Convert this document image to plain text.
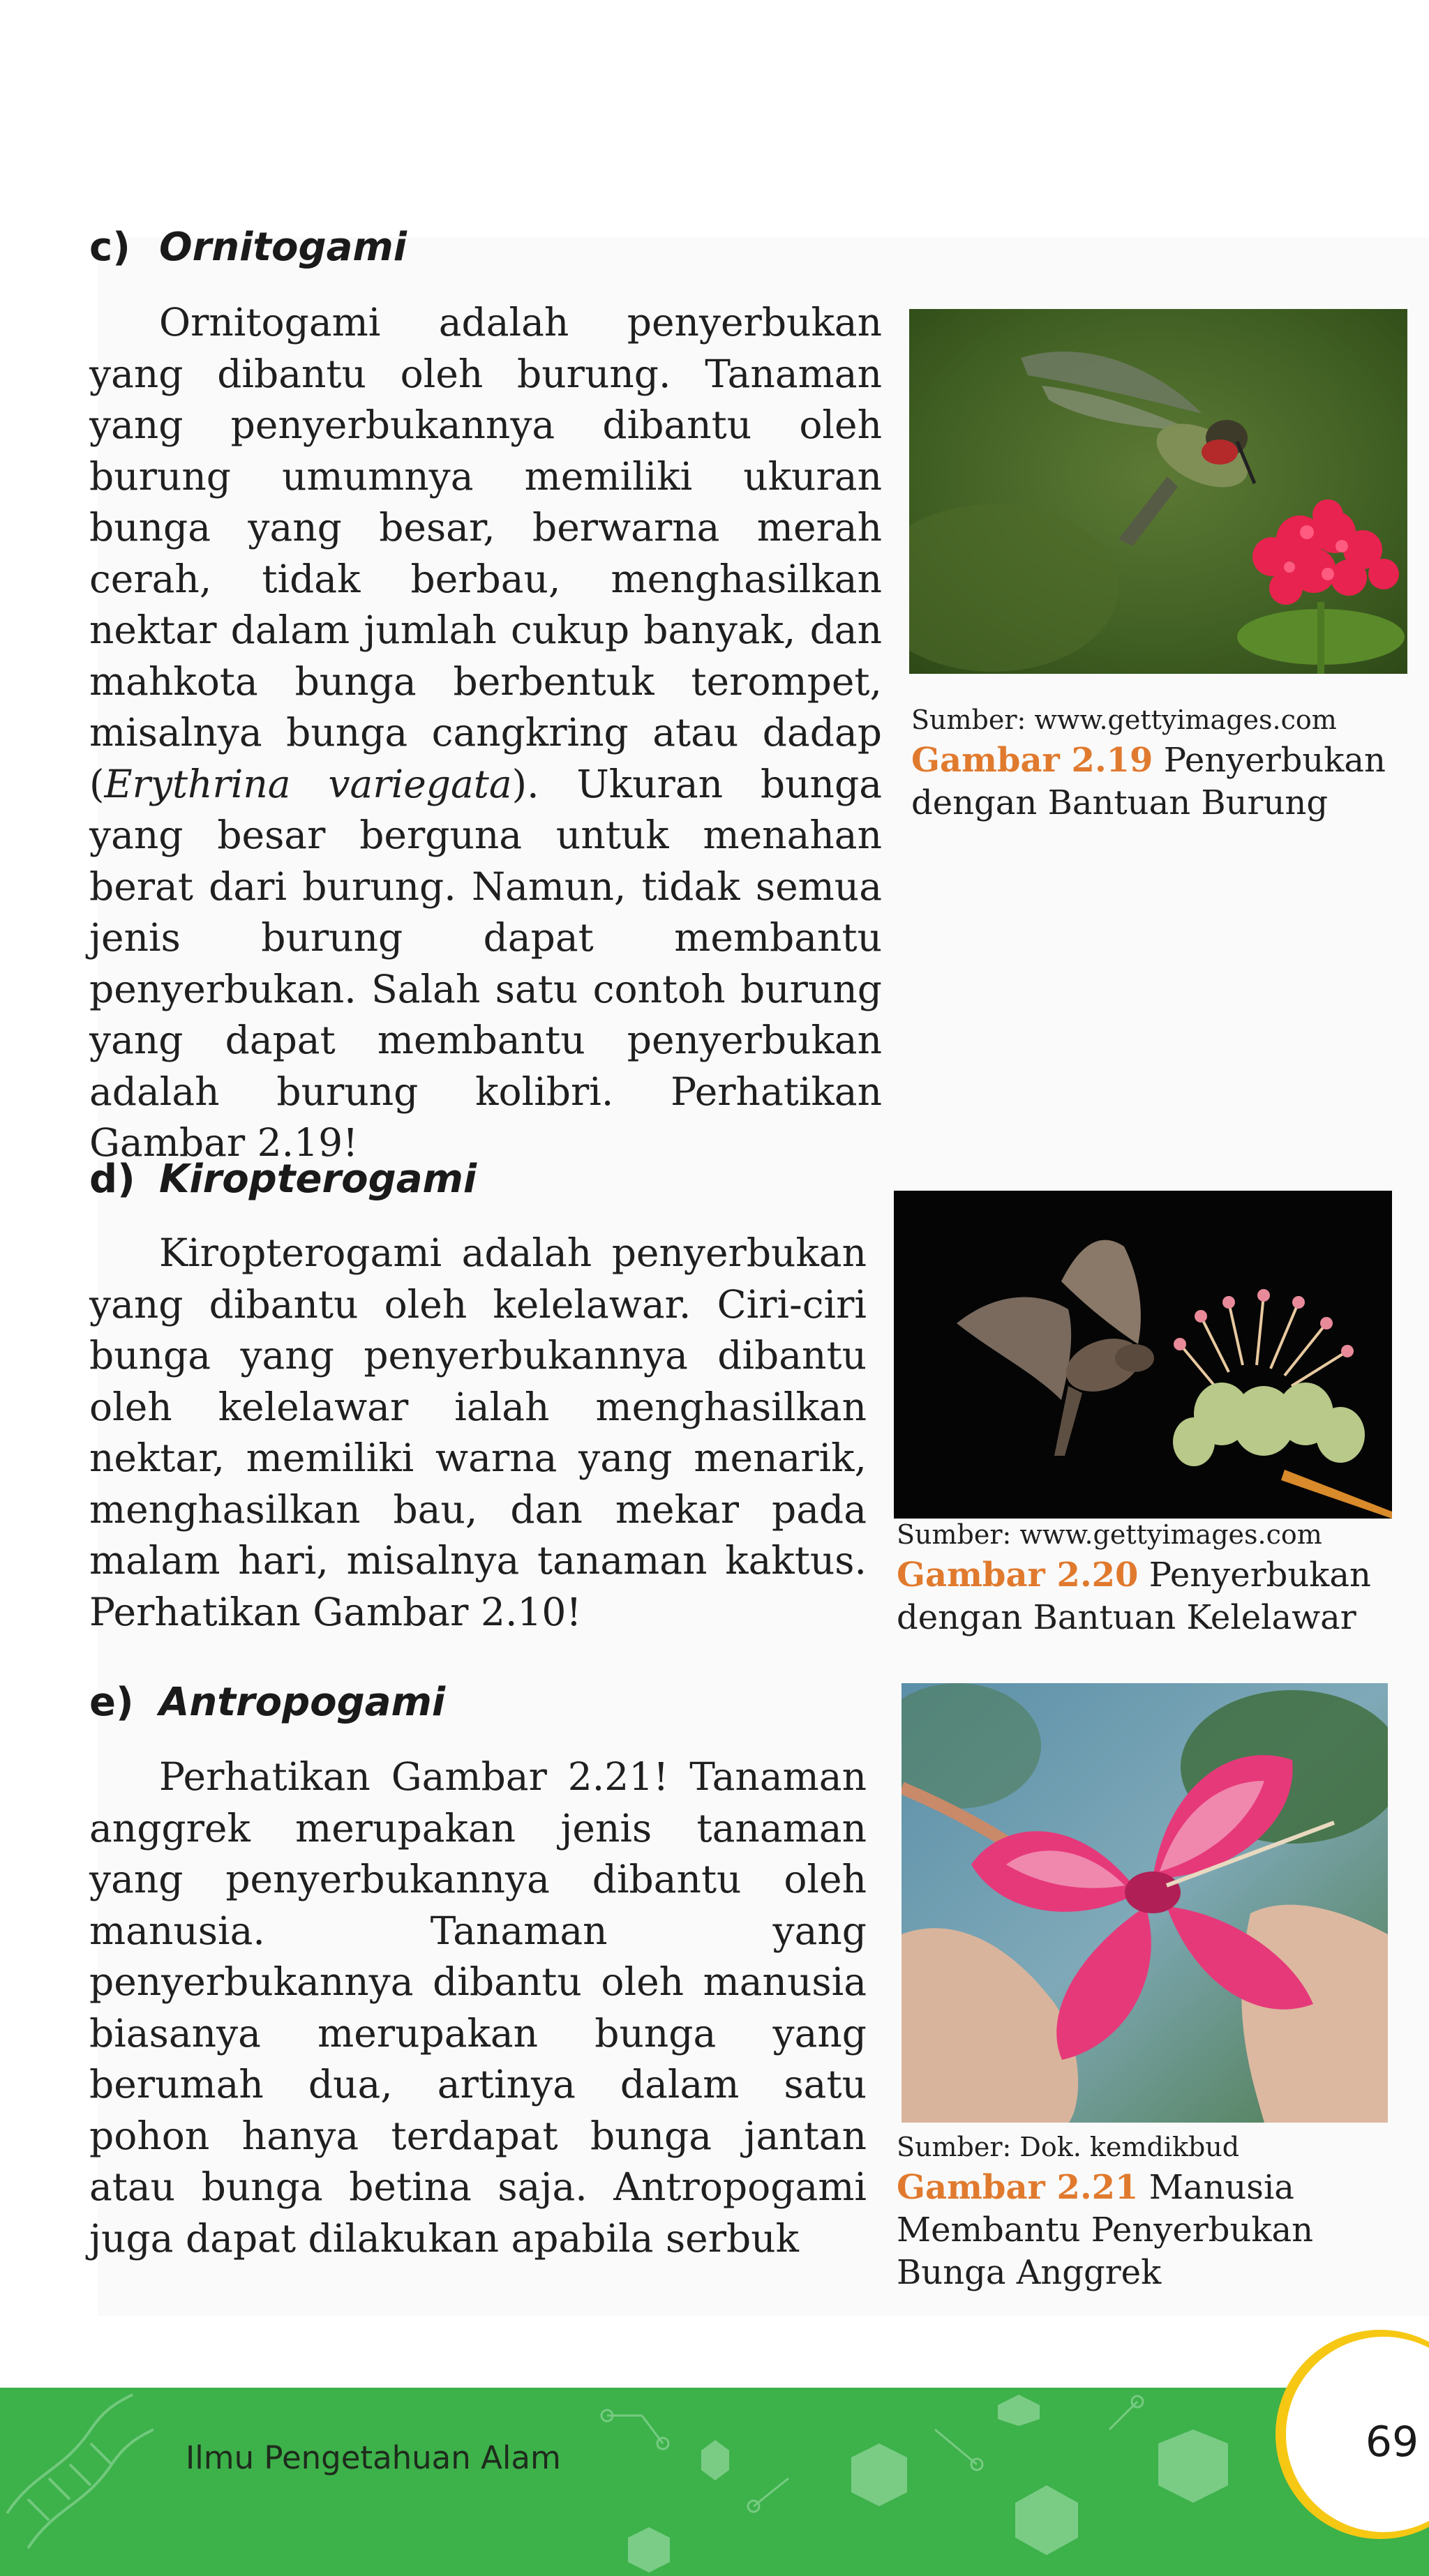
c) Ornitogami

Ornitogami adalah penyerbukan yang dibantu oleh burung. Tanaman yang penyerbukannya dibantu oleh burung umumnya memiliki ukuran bunga yang besar, berwarna merah cerah, tidak berbau, menghasilkan nektar dalam jumlah cukup banyak, dan mahkota bunga berbentuk terompet, misalnya bunga cangkring atau dadap (Erythrina variegata). Ukuran bunga yang besar berguna untuk menahan berat dari burung. Namun, tidak semua jenis burung dapat membantu penyerbukan. Salah satu contoh burung yang dapat membantu penyerbukan adalah burung kolibri. Perhatikan Gambar 2.19!

Sumber: www.gettyimages.com

Gambar 2.19 Penyerbukan dengan Bantuan Burung

d) Kiropterogami

Kiropterogami adalah penyerbukan yang dibantu oleh kelelawar. Ciri-ciri bunga yang penyerbukannya dibantu oleh kelelawar ialah menghasilkan nektar, memiliki warna yang menarik, menghasilkan bau, dan mekar pada malam hari, misalnya tanaman kaktus. Perhatikan Gambar 2.10!

Sumber: www.gettyimages.com

Gambar 2.20 Penyerbukan dengan Bantuan Kelelawar

e) Antropogami

Perhatikan Gambar 2.21! Tanaman anggrek merupakan jenis tanaman yang penyerbukannya dibantu oleh manusia. Tanaman yang penyerbukannya dibantu oleh manusia biasanya merupakan bunga yang berumah dua, artinya dalam satu pohon hanya terdapat bunga jantan atau bunga betina saja. Antropogami juga dapat dilakukan apabila serbuk

Sumber: Dok. kemdikbud

Gambar 2.21 Manusia Membantu Penyerbukan Bunga Anggrek

Ilmu Pengetahuan Alam	69
